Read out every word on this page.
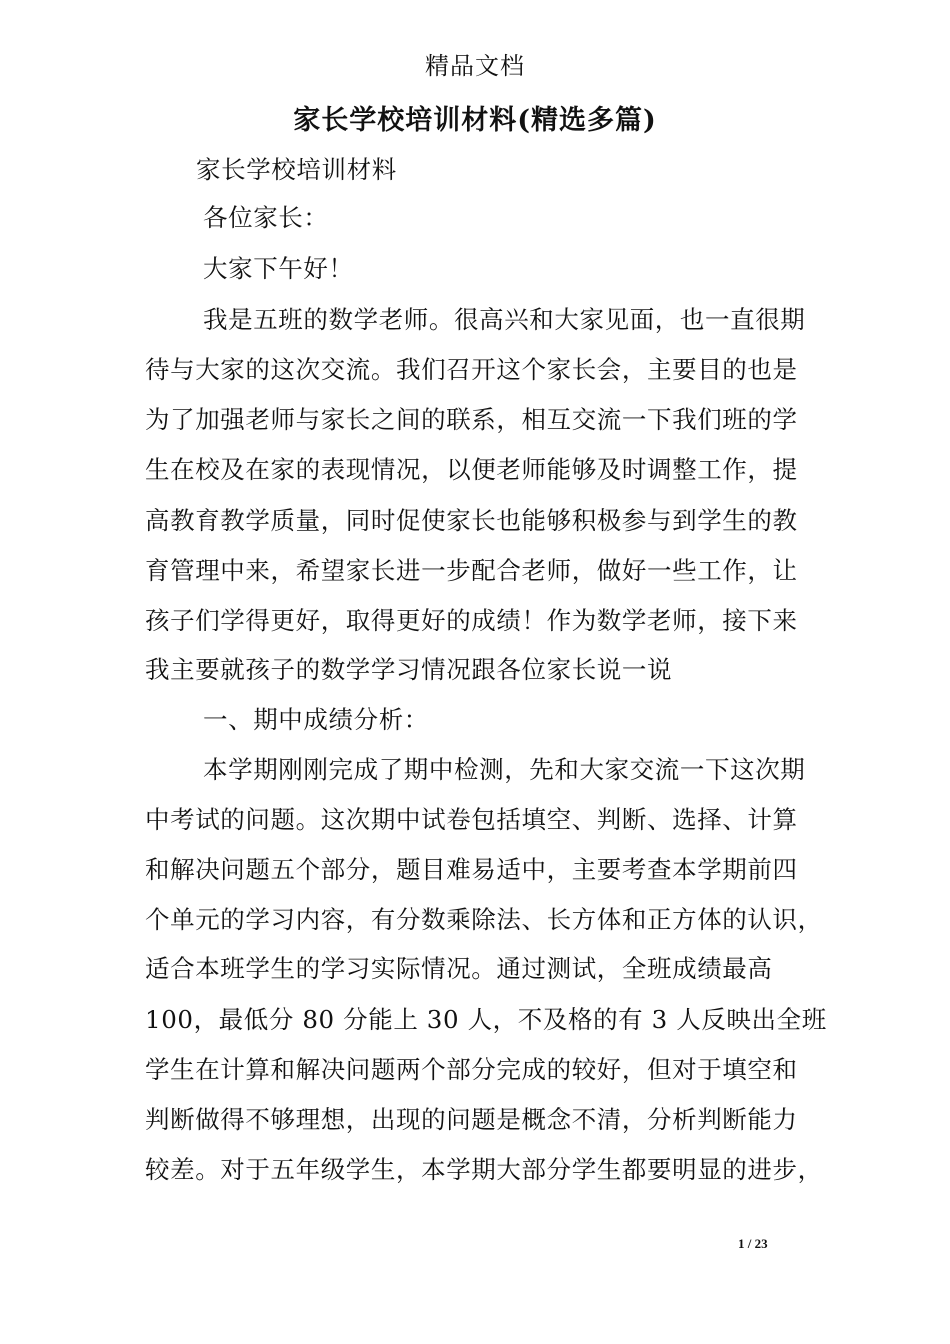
精品文档
家长学校培训材料(精选多篇)
家长学校培训材料
各位家长：
大家下午好！
我是五班的数学老师。很高兴和大家见面，也一直很期
待与大家的这次交流。我们召开这个家长会，主要目的也是
为了加强老师与家长之间的联系，相互交流一下我们班的学
生在校及在家的表现情况，以便老师能够及时调整工作，提
高教育教学质量，同时促使家长也能够积极参与到学生的教
育管理中来，希望家长进一步配合老师，做好一些工作，让
孩子们学得更好，取得更好的成绩！作为数学老师，接下来
我主要就孩子的数学学习情况跟各位家长说一说
一、期中成绩分析：
本学期刚刚完成了期中检测，先和大家交流一下这次期
中考试的问题。这次期中试卷包括填空、判断、选择、计算
和解决问题五个部分，题目难易适中，主要考查本学期前四
个单元的学习内容，有分数乘除法、长方体和正方体的认识，
适合本班学生的学习实际情况。通过测试，全班成绩最高
100，最低分 80 分能上 30 人，不及格的有 3 人反映出全班
学生在计算和解决问题两个部分完成的较好，但对于填空和
判断做得不够理想，出现的问题是概念不清，分析判断能力
较差。对于五年级学生，本学期大部分学生都要明显的进步，
1 / 23
